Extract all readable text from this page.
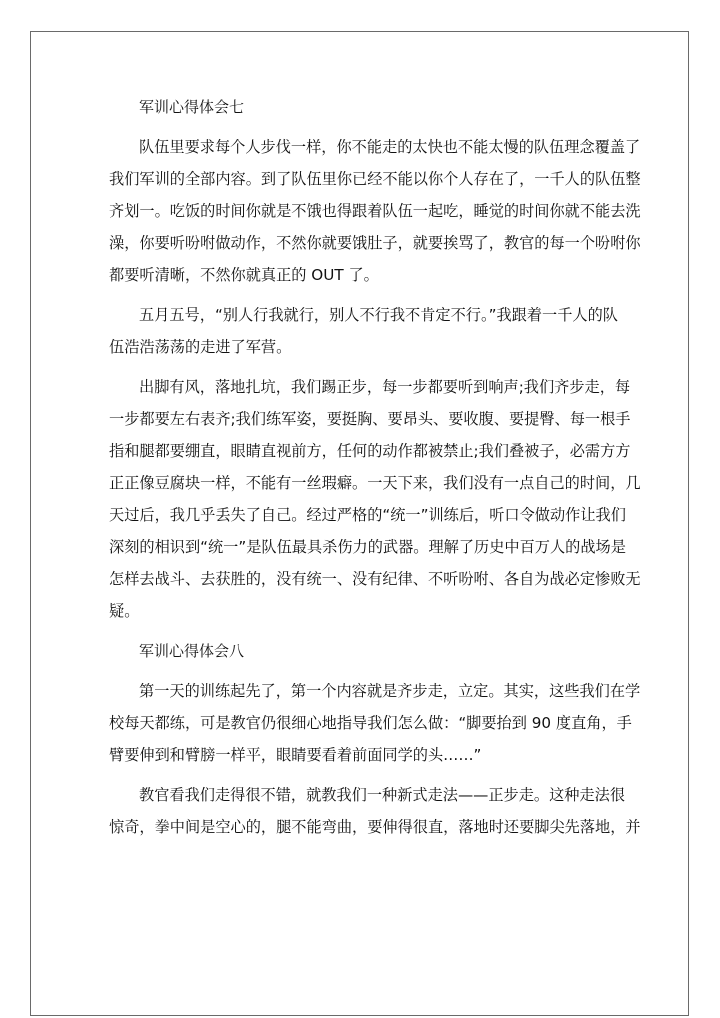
军训心得体会七
队伍里要求每个人步伐一样，你不能走的太快也不能太慢的队伍理念覆盖了
我们军训的全部内容。到了队伍里你已经不能以你个人存在了，一千人的队伍整
齐划一。吃饭的时间你就是不饿也得跟着队伍一起吃，睡觉的时间你就不能去洗
澡，你要听吩咐做动作，不然你就要饿肚子，就要挨骂了，教官的每一个吩咐你
都要听清晰，不然你就真正的 OUT 了。
五月五号，“别人行我就行，别人不行我不肯定不行。”我跟着一千人的队
伍浩浩荡荡的走进了军营。
出脚有风，落地扎坑，我们踢正步，每一步都要听到响声;我们齐步走，每
一步都要左右表齐;我们练军姿，要挺胸、要昂头、要收腹、要提臀、每一根手
指和腿都要绷直，眼睛直视前方，任何的动作都被禁止;我们叠被子，必需方方
正正像豆腐块一样，不能有一丝瑕癖。一天下来，我们没有一点自己的时间，几
天过后，我几乎丢失了自己。经过严格的“统一”训练后，听口令做动作让我们
深刻的相识到“统一”是队伍最具杀伤力的武器。理解了历史中百万人的战场是
怎样去战斗、去获胜的，没有统一、没有纪律、不听吩咐、各自为战必定惨败无
疑。
军训心得体会八
第一天的训练起先了，第一个内容就是齐步走，立定。其实，这些我们在学
校每天都练，可是教官仍很细心地指导我们怎么做：“脚要抬到 90 度直角，手
臂要伸到和臂膀一样平，眼睛要看着前面同学的头……”
教官看我们走得很不错，就教我们一种新式走法——正步走。这种走法很
惊奇，拳中间是空心的，腿不能弯曲，要伸得很直，落地时还要脚尖先落地，并
